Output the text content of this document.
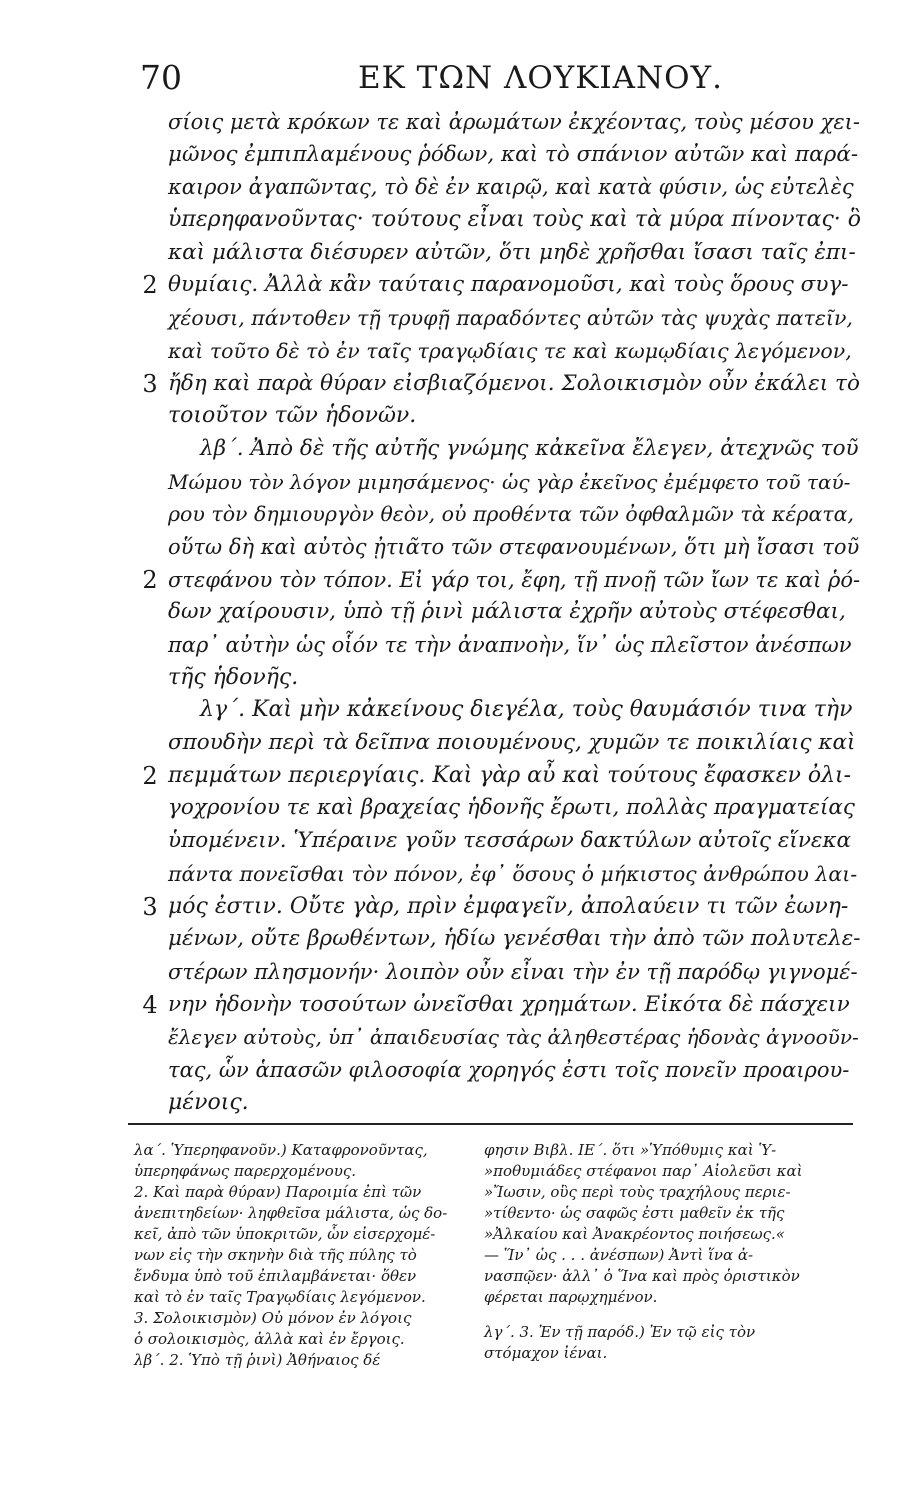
70	ΕΚ ΤΩΝ ΛΟΥΚΙΑΝΟΥ.
σίοις μετὰ κρόκων τε καὶ ἀρωμάτων ἐκχέοντας, τοὺς μέσου χει-
μῶνος ἐμπιπλαμένους ῥόδων, καὶ τὸ σπάνιον αὐτῶν καὶ παρά-
καιρον ἀγαπῶντας, τὸ δὲ ἐν καιρῷ, καὶ κατὰ φύσιν, ὡς εὐτελὲς
ὑπερηφανοῦντας· τούτους εἶναι τοὺς καὶ τὰ μύρα πίνοντας· ὃ
καὶ μάλιστα διέσυρεν αὐτῶν, ὅτι μηδὲ χρῆσθαι ἴσασι ταῖς ἐπι-
2 θυμίαις. Ἀλλὰ κἂν ταύταις παρανομοῦσι, καὶ τοὺς ὅρους συγ-
χέουσι, πάντοθεν τῇ τρυφῇ παραδόντες αὐτῶν τὰς ψυχὰς πατεῖν,
καὶ τοῦτο δὲ τὸ ἐν ταῖς τραγῳδίαις τε καὶ κωμῳδίαις λεγόμενον,
3 ἤδη καὶ παρὰ θύραν εἰσβιαζόμενοι. Σολοικισμὸν οὖν ἐκάλει τὸ
τοιοῦτον τῶν ἡδονῶν.
λβ΄. Ἀπὸ δὲ τῆς αὐτῆς γνώμης κἀκεῖνα ἔλεγεν, ἀτεχνῶς τοῦ
Μώμου τὸν λόγον μιμησάμενος· ὡς γὰρ ἐκεῖνος ἐμέμφετο τοῦ ταύ-
ρου τὸν δημιουργὸν θεὸν, οὐ προθέντα τῶν ὀφθαλμῶν τὰ κέρατα,
οὕτω δὴ καὶ αὐτὸς ᾐτιᾶτο τῶν στεφανουμένων, ὅτι μὴ ἴσασι τοῦ
2 στεφάνου τὸν τόπον. Εἰ γάρ τοι, ἔφη, τῇ πνοῇ τῶν ἴων τε καὶ ῥό-
δων χαίρουσιν, ὑπὸ τῇ ῥινὶ μάλιστα ἐχρῆν αὐτοὺς στέφεσθαι,
παρ᾽ αὐτὴν ὡς οἷόν τε τὴν ἀναπνοὴν, ἵν᾽ ὡς πλεῖστον ἀνέσπων
τῆς ἡδονῆς.
λγ΄. Καὶ μὴν κἀκείνους διεγέλα, τοὺς θαυμάσιόν τινα τὴν
σπουδὴν περὶ τὰ δεῖπνα ποιουμένους, χυμῶν τε ποικιλίαις καὶ
2 πεμμάτων περιεργίαις. Καὶ γὰρ αὖ καὶ τούτους ἔφασκεν ὀλι-
γοχρονίου τε καὶ βραχείας ἡδονῆς ἔρωτι, πολλὰς πραγματείας
ὑπομένειν. Ὑπέραινε γοῦν τεσσάρων δακτύλων αὐτοῖς εἵνεκα
πάντα πονεῖσθαι τὸν πόνον, ἐφ᾽ ὅσους ὁ μήκιστος ἀνθρώπου λαι-
3 μός ἐστιν. Οὔτε γὰρ, πρὶν ἐμφαγεῖν, ἀπολαύειν τι τῶν ἐωνη-
μένων, οὔτε βρωθέντων, ἡδίω γενέσθαι τὴν ἀπὸ τῶν πολυτελε-
στέρων πλησμονήν· λοιπὸν οὖν εἶναι τὴν ἐν τῇ παρόδῳ γιγνομέ-
4 νην ἡδονὴν τοσούτων ὠνεῖσθαι χρημάτων. Εἰκότα δὲ πάσχειν
ἔλεγεν αὐτοὺς, ὑπ᾽ ἀπαιδευσίας τὰς ἀληθεστέρας ἡδονὰς ἀγνοοῦν-
τας, ὧν ἁπασῶν φιλοσοφία χορηγός ἐστι τοῖς πονεῖν προαιρου-
μένοις.
λα΄. Ὑπερηφανοῦν.) Καταφρονοῦντας,
ὑπερηφάνως παρερχομένους.
2. Καὶ παρὰ θύραν) Παροιμία ἐπὶ τῶν
ἀνεπιτηδείων· ληφθεῖσα μάλιστα, ὡς δο-
κεῖ, ἀπὸ τῶν ὑποκριτῶν, ὧν εἰσερχομέ-
νων εἰς τὴν σκηνὴν διὰ τῆς πύλης τὸ
ἔνδυμα ὑπὸ τοῦ ἐπιλαμβάνεται· ὅθεν
καὶ τὸ ἐν ταῖς Τραγῳδίαις λεγόμενον.
3. Σολοικισμὸν) Οὐ μόνον ἐν λόγοις
ὁ σολοικισμὸς, ἀλλὰ καὶ ἐν ἔργοις.
λβ΄. 2. Ὑπὸ τῇ ῥινὶ) Ἀθήναιος δέ
φησιν Βιβλ. ΙΕ΄. ὅτι »Ὑπόθυμις καὶ Ὑ-
»ποθυμιάδες στέφανοι παρ᾽ Αἰολεῦσι καὶ
»Ἴωσιν, οὓς περὶ τοὺς τραχήλους περιε-
»τίθεντο· ὡς σαφῶς ἐστι μαθεῖν ἐκ τῆς
»Ἀλκαίου καὶ Ἀνακρέοντος ποιήσεως.«
— Ἵν᾽ ὡς . . . ἀνέσπων) Ἀντὶ ἵνα ἀ-
νασπῷεν· ἀλλ᾽ ὁ Ἵνα καὶ πρὸς ὁριστικὸν
φέρεται παρῳχημένον.
λγ΄. 3. Ἐν τῇ παρόδ.) Ἐν τῷ εἰς τὸν
στόμαχον ἰέναι.
